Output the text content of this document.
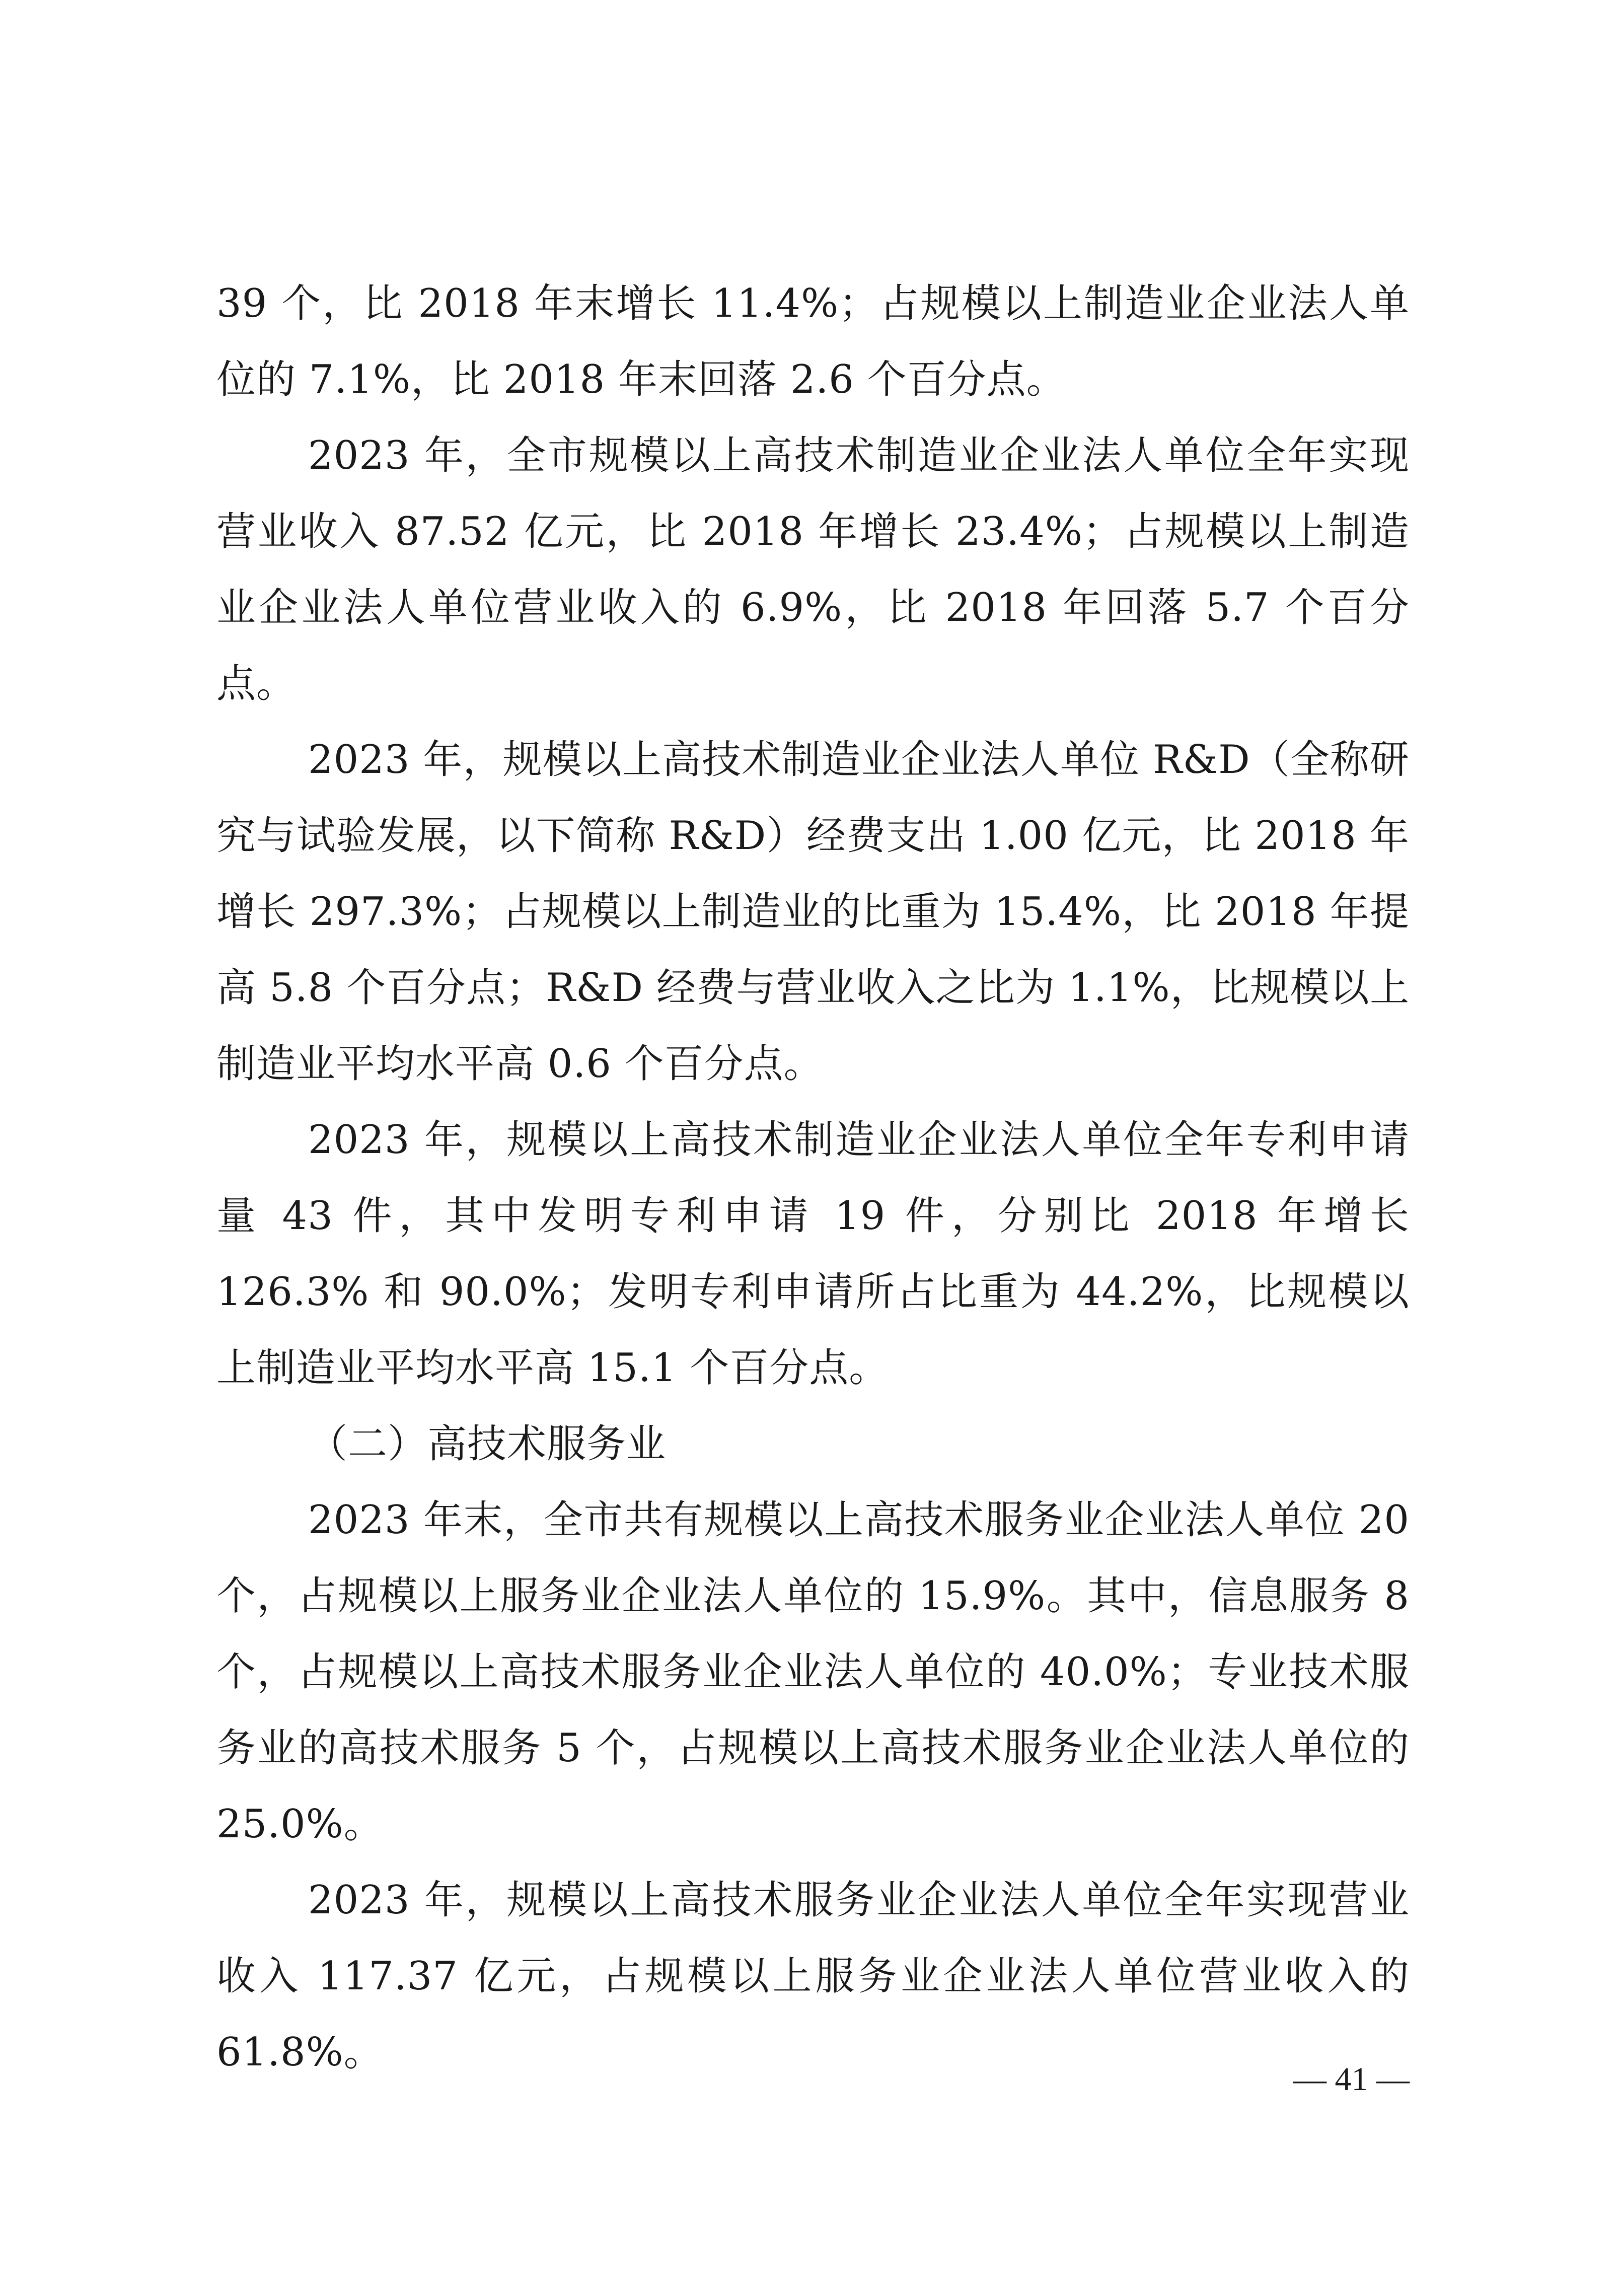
39 个，比 2018 年末增长 11.4%；占规模以上制造业企业法人单位的 7.1%，比 2018 年末回落 2.6 个百分点。

2023 年，全市规模以上高技术制造业企业法人单位全年实现营业收入 87.52 亿元，比 2018 年增长 23.4%；占规模以上制造业企业法人单位营业收入的 6.9%，比 2018 年回落 5.7 个百分点。

2023 年，规模以上高技术制造业企业法人单位 R&D（全称研究与试验发展，以下简称 R&D）经费支出 1.00 亿元，比 2018 年增长 297.3%；占规模以上制造业的比重为 15.4%，比 2018 年提高 5.8 个百分点；R&D 经费与营业收入之比为 1.1%，比规模以上制造业平均水平高 0.6 个百分点。

2023 年，规模以上高技术制造业企业法人单位全年专利申请量 43 件，其中发明专利申请 19 件，分别比 2018 年增长 126.3% 和 90.0%；发明专利申请所占比重为 44.2%，比规模以上制造业平均水平高 15.1 个百分点。

（二）高技术服务业

2023 年末，全市共有规模以上高技术服务业企业法人单位 20 个，占规模以上服务业企业法人单位的 15.9%。其中，信息服务 8 个，占规模以上高技术服务业企业法人单位的 40.0%；专业技术服务业的高技术服务 5 个，占规模以上高技术服务业企业法人单位的 25.0%。

2023 年，规模以上高技术服务业企业法人单位全年实现营业收入 117.37 亿元，占规模以上服务业企业法人单位营业收入的 61.8%。

— 41 —
